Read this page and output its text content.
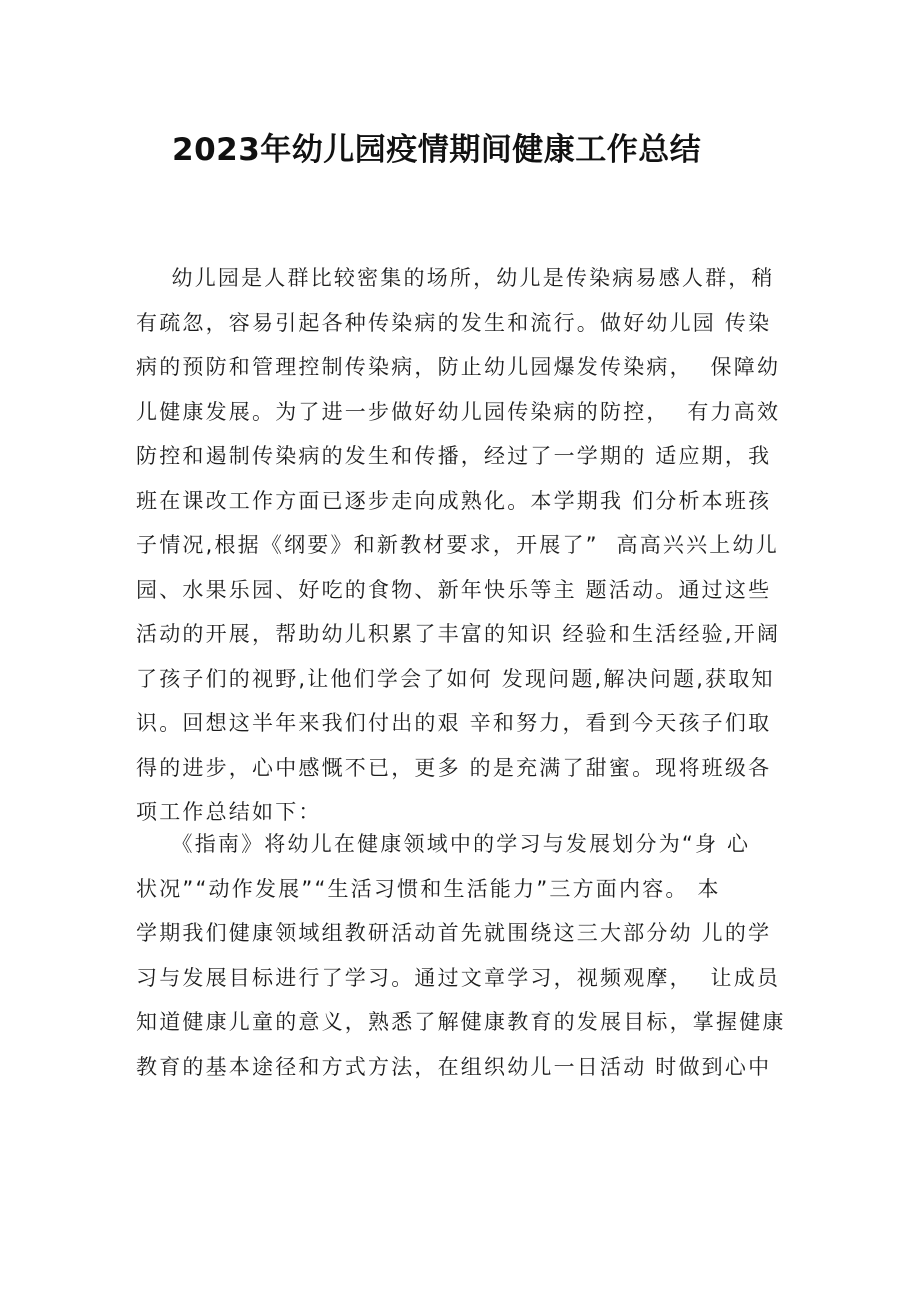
2023年幼儿园疫情期间健康工作总结
幼儿园是人群比较密集的场所，幼儿是传染病易感人群，稍
有疏忽，容易引起各种传染病的发生和流行。做好幼儿园 传染
病的预防和管理控制传染病，防止幼儿园爆发传染病，  保障幼
儿健康发展。为了进一步做好幼儿园传染病的防控，  有力高效
防控和遏制传染病的发生和传播，经过了一学期的 适应期，我
班在课改工作方面已逐步走向成熟化。本学期我 们分析本班孩
子情况,根据《纲要》和新教材要求，开展了”  高高兴兴上幼儿
园、水果乐园、好吃的食物、新年快乐等主 题活动。通过这些
活动的开展，帮助幼儿积累了丰富的知识 经验和生活经验,开阔
了孩子们的视野,让他们学会了如何 发现问题,解决问题,获取知
识。回想这半年来我们付出的艰 辛和努力，看到今天孩子们取
得的进步，心中感慨不已，更多 的是充满了甜蜜。现将班级各
项工作总结如下：
《指南》将幼儿在健康领域中的学习与发展划分为“身 心
状况”“动作发展”“生活习惯和生活能力”三方面内容。 本
学期我们健康领域组教研活动首先就围绕这三大部分幼 儿的学
习与发展目标进行了学习。通过文章学习，视频观摩，  让成员
知道健康儿童的意义，熟悉了解健康教育的发展目标，掌握健康
教育的基本途径和方式方法，在组织幼儿一日活动 时做到心中
